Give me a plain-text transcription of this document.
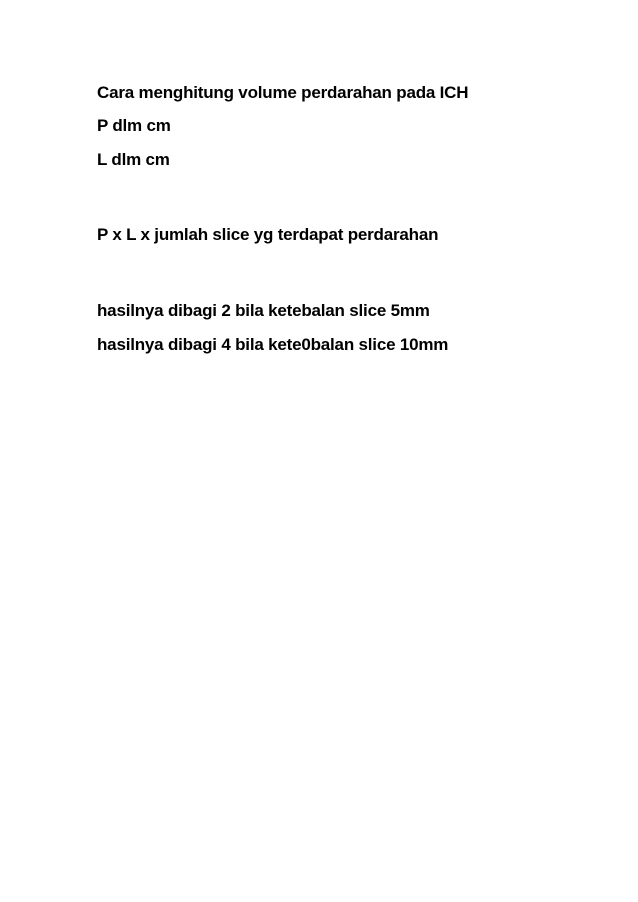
Cara menghitung volume perdarahan pada ICH
P dlm cm
L dlm cm
P x L x jumlah slice yg terdapat perdarahan
hasilnya dibagi 2 bila ketebalan slice 5mm
hasilnya dibagi 4 bila kete0balan slice 10mm
